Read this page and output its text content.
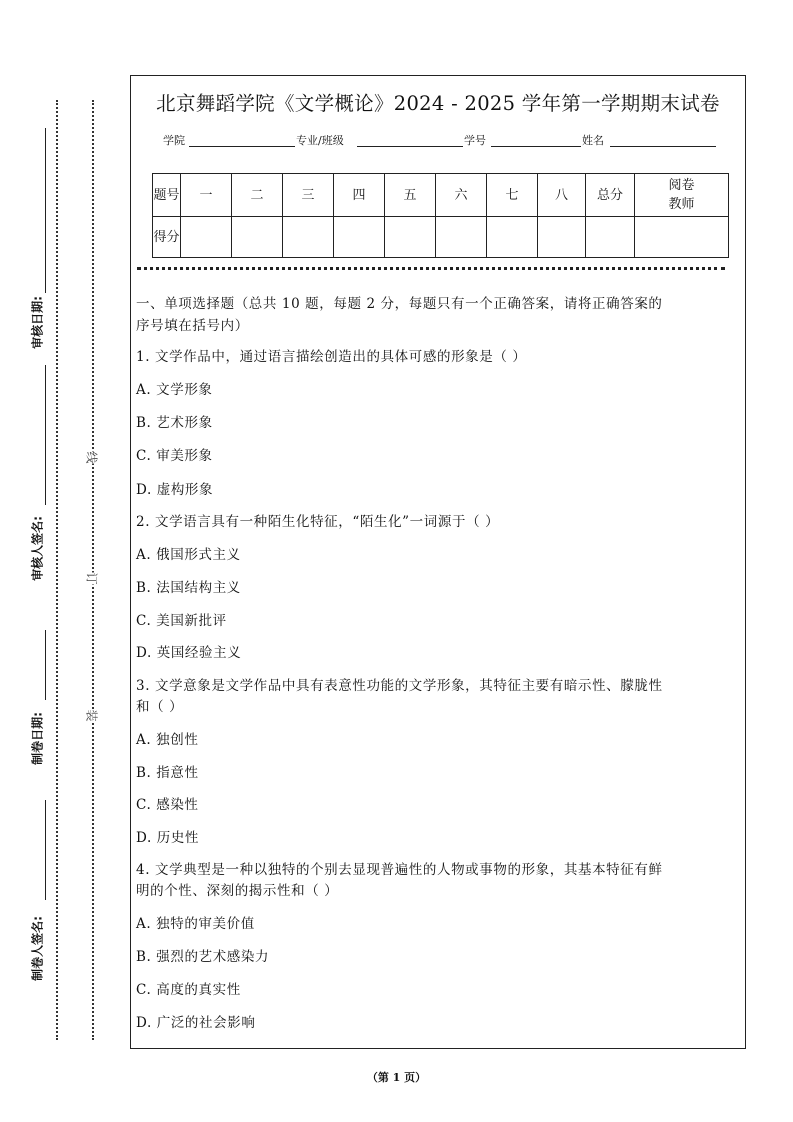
审核日期:
审核人签名:
制卷日期:
制卷人签名:
线
订
装
北京舞蹈学院《文学概论》2024 - 2025 学年第一学期期末试卷
学院	专业/班级	学号	姓名
题号	一	二	三	四	五	六	七	八	总分	阅卷教师
得分										
一、单项选择题（总共 10 题，每题 2 分，每题只有一个正确答案，请将正确答案的
序号填在括号内）
1. 文学作品中，通过语言描绘创造出的具体可感的形象是（ ）
A. 文学形象
B. 艺术形象
C. 审美形象
D. 虚构形象
2. 文学语言具有一种陌生化特征，“陌生化”一词源于（ ）
A. 俄国形式主义
B. 法国结构主义
C. 美国新批评
D. 英国经验主义
3. 文学意象是文学作品中具有表意性功能的文学形象，其特征主要有暗示性、朦胧性
和（ ）
A. 独创性
B. 指意性
C. 感染性
D. 历史性
4. 文学典型是一种以独特的个别去显现普遍性的人物或事物的形象，其基本特征有鲜
明的个性、深刻的揭示性和（ ）
A. 独特的审美价值
B. 强烈的艺术感染力
C. 高度的真实性
D. 广泛的社会影响
（第 1 页）
